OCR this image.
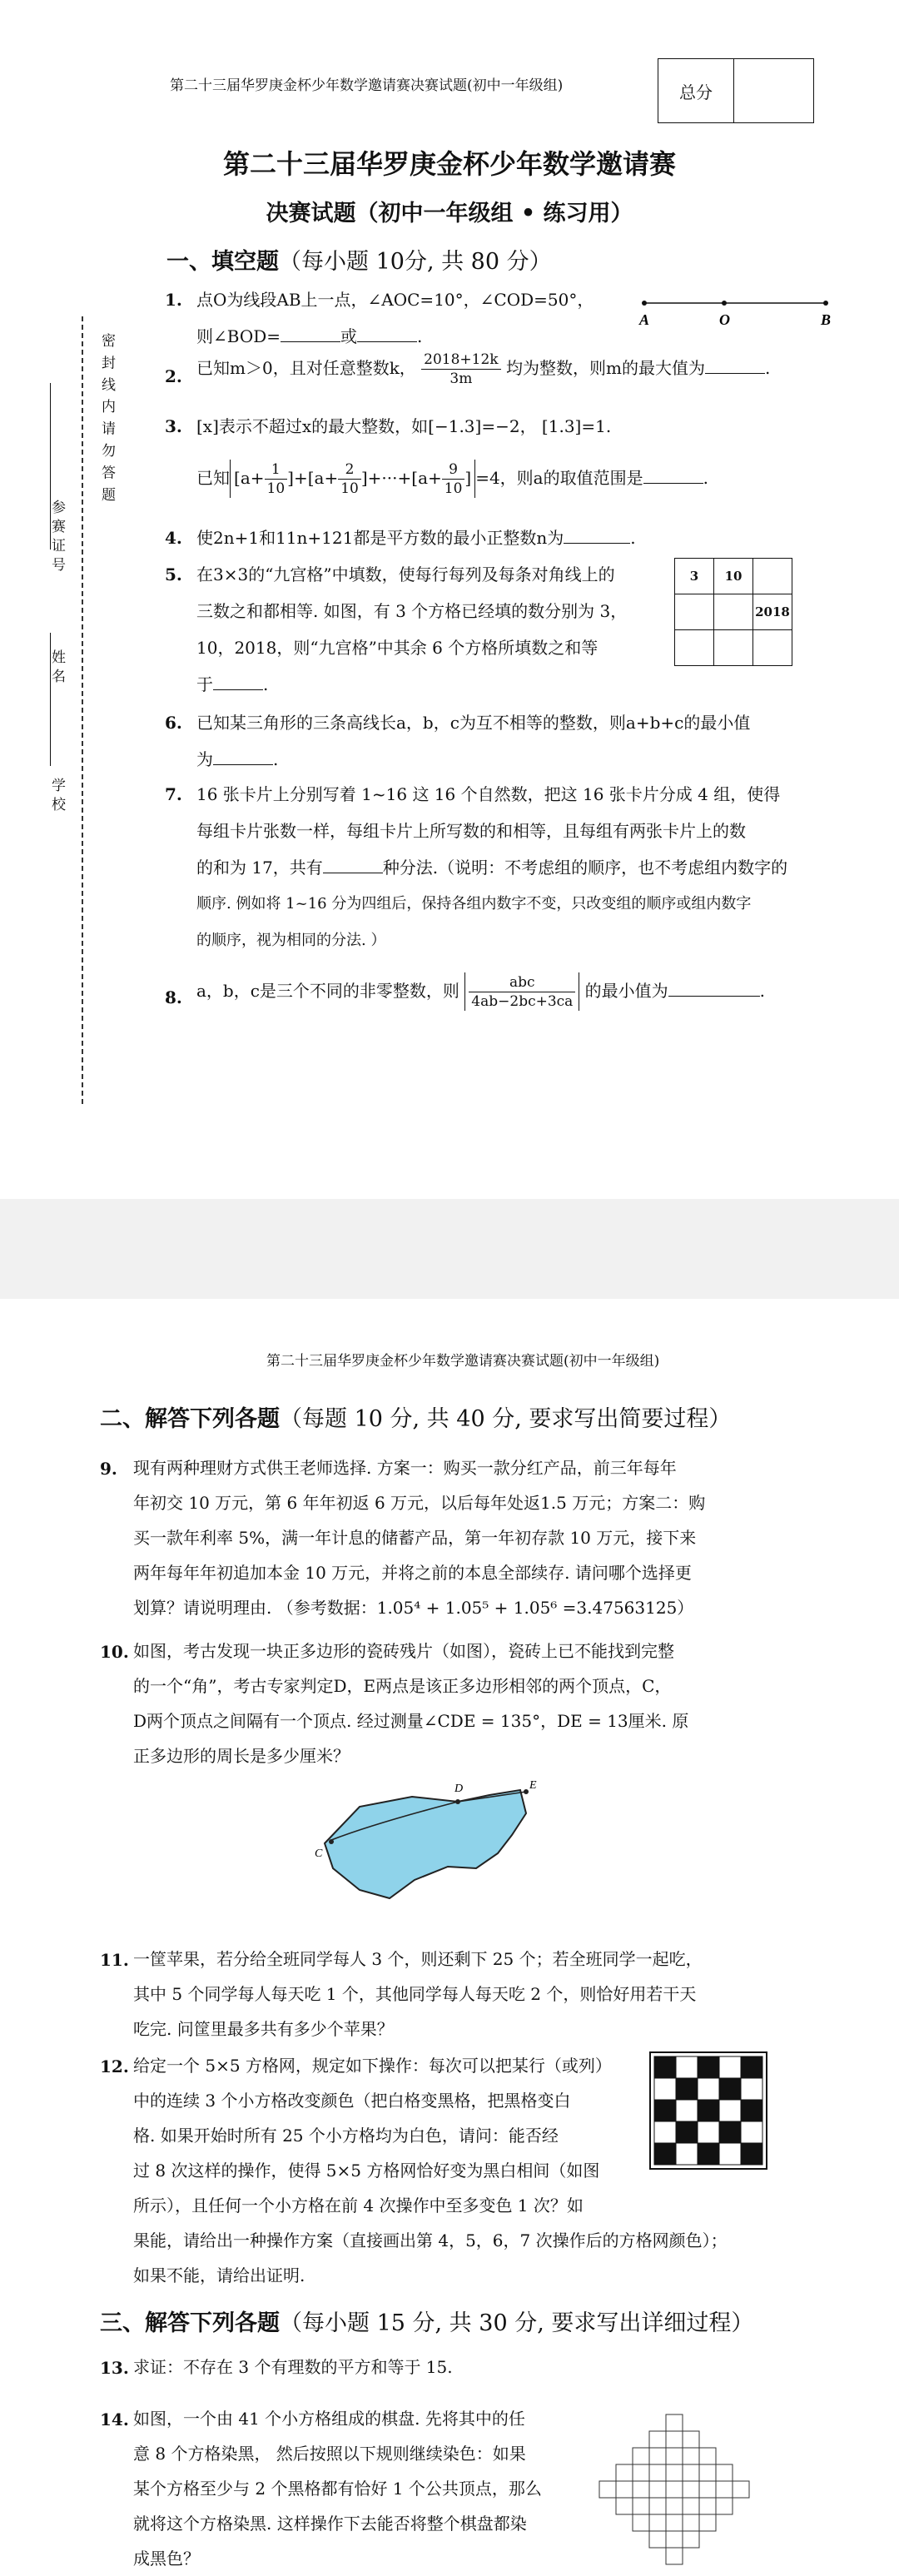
第二十三届华罗庚金杯少年数学邀请赛决赛试题(初中一年级组)	总分
第二十三届华罗庚金杯少年数学邀请赛
决赛试题（初中一年级组 • 练习用）
一、填空题（每小题 10分, 共 80 分）
学校
姓名
参赛证号
密 封 线 内 请 勿 答 题
1. 点O为线段AB上一点，∠AOC=10°，∠COD=50°，
则∠BOD=	或	.
A	O	B
2. 已知m＞0，且对任意整数k， $\frac{2018+12k}{3m}$ 均为整数，则m的最大值为	.
3. [x]表示不超过x的最大整数，如[−1.3]=−2， [1.3]=1.
已知 $[a+ \frac{1}{10} ]+[a+ \frac{2}{10} ]+\cdot\cdot\cdot+[a+ \frac{9}{10}$ ] =4，则a的取值范围是	.
4. 使2n+1和11n+121都是平方数的最小正整数n为	.
5. 在3×3的“九宫格”中填数，使每行每列及每条对角线上的
三数之和都相等. 如图，有 3 个方格已经填的数分别为 3，
10，2018，则“九宫格”中其余 6 个方格所填数之和等
于	.
3	10	
		2018

6. 已知某三角形的三条高线长a，b，c为互不相等的整数，则a+b+c的最小值
为	.
7. 16 张卡片上分别写着 1~16 这 16 个自然数，把这 16 张卡片分成 4 组，使得
每组卡片张数一样，每组卡片上所写数的和相等，且每组有两张卡片上的数
的和为 17，共有	种分法.（说明：不考虑组的顺序，也不考虑组内数字的
顺序. 例如将 1~16 分为四组后，保持各组内数字不变，只改变组的顺序或组内数字
的顺序，视为相同的分法. ）
8. a，b，c是三个不同的非零整数，则 $\frac{\text{abc}}{4ab-2bc+3ca}$ 的最小值为	.
第二十三届华罗庚金杯少年数学邀请赛决赛试题(初中一年级组)
二、解答下列各题（每题 10 分, 共 40 分, 要求写出简要过程）
9. 现有两种理财方式供王老师选择. 方案一：购买一款分红产品，前三年每年
年初交 10 万元，第 6 年年初返 6 万元，以后每年处返1.5 万元；方案二：购
买一款年利率 5%，满一年计息的储蓄产品，第一年初存款 10 万元，接下来
两年每年年初追加本金 10 万元，并将之前的本息全部续存. 请问哪个选择更
划算？请说明理由. （参考数据：1.05⁴ + 1.05⁵ + 1.05⁶ =3.47563125）
10. 如图，考古发现一块正多边形的瓷砖残片（如图），瓷砖上已不能找到完整
的一个“角”，考古专家判定D，E两点是该正多边形相邻的两个顶点，C，
D两个顶点之间隔有一个顶点. 经过测量∠CDE = 135°，DE = 13厘米. 原
正多边形的周长是多少厘米？
C
D	E
11. 一筐苹果，若分给全班同学每人 3 个，则还剩下 25 个；若全班同学一起吃，
其中 5 个同学每人每天吃 1 个，其他同学每人每天吃 2 个，则恰好用若干天
吃完. 问筐里最多共有多少个苹果？
12. 给定一个 5×5 方格网，规定如下操作：每次可以把某行（或列）
中的连续 3 个小方格改变颜色（把白格变黑格，把黑格变白
格. 如果开始时所有 25 个小方格均为白色，请问：能否经
过 8 次这样的操作，使得 5×5 方格网恰好变为黑白相间（如图
所示），且任何一个小方格在前 4 次操作中至多变色 1 次？如
果能，请给出一种操作方案（直接画出第 4，5，6，7 次操作后的方格网颜色）；
如果不能，请给出证明.
三、解答下列各题（每小题 15 分, 共 30 分, 要求写出详细过程）
13. 求证：不存在 3 个有理数的平方和等于 15.
14. 如图，一个由 41 个小方格组成的棋盘. 先将其中的任
意 8 个方格染黑， 然后按照以下规则继续染色：如果
某个方格至少与 2 个黑格都有恰好 1 个公共顶点，那么
就将这个方格染黑. 这样操作下去能否将整个棋盘都染
成黑色？
